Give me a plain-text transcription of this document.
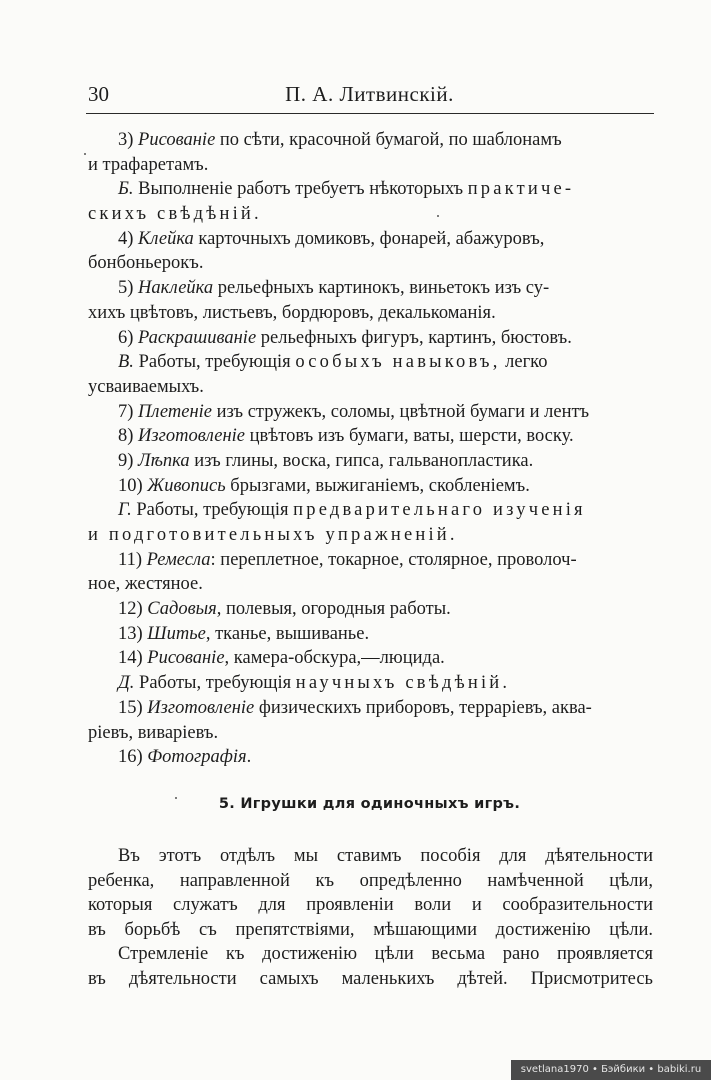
30	П. А. Литвинскій.
3) Рисованіе по сѣти, красочной бумагой, по шаблонамъ
и трафаретамъ.
Б. Выполненіе работъ требуетъ нѣкоторыхъ практиче-
скихъ свѣдѣній.
4) Клейка карточныхъ домиковъ, фонарей, абажуровъ,
бонбоньерокъ.
5) Наклейка рельефныхъ картинокъ, виньетокъ изъ су-
хихъ цвѣтовъ, листьевъ, бордюровъ, декалькоманія.
6) Раскрашиваніе рельефныхъ фигуръ, картинъ, бюстовъ.
В. Работы, требующія особыхъ навыковъ, легко
усваиваемыхъ.
7) Плетеніе изъ стружекъ, соломы, цвѣтной бумаги и лентъ
8) Изготовленіе цвѣтовъ изъ бумаги, ваты, шерсти, воску.
9) Лѣпка изъ глины, воска, гипса, гальванопластика.
10) Живопись брызгами, выжиганіемъ, скобленіемъ.
Г. Работы, требующія предварительнаго изученія
и подготовительныхъ упражненій.
11) Ремесла: переплетное, токарное, столярное, проволоч-
ное, жестяное.
12) Садовыя, полевыя, огородныя работы.
13) Шитье, тканье, вышиванье.
14) Рисованіе, камера-обскура,—люцида.
Д. Работы, требующія научныхъ свѣдѣній.
15) Изготовленіе физическихъ приборовъ, террарiевъ, аква-
ріевъ, виваріевъ.
16) Фотографія.
5. Игрушки для одиночныхъ игръ.
Въ этотъ отдѣлъ мы ставимъ пособія для дѣятельности
ребенка, направленной къ опредѣленно намѣченной цѣли,
которыя служатъ для проявленіи воли и сообразительности
въ борьбѣ съ препятствіями, мѣшающими достиженію цѣли.
Стремленіе къ достиженію цѣли весьма рано проявляется
въ дѣятельности самыхъ маленькихъ дѣтей. Присмотритесь
svetlana1970 • Бэйбики • babiki.ru
